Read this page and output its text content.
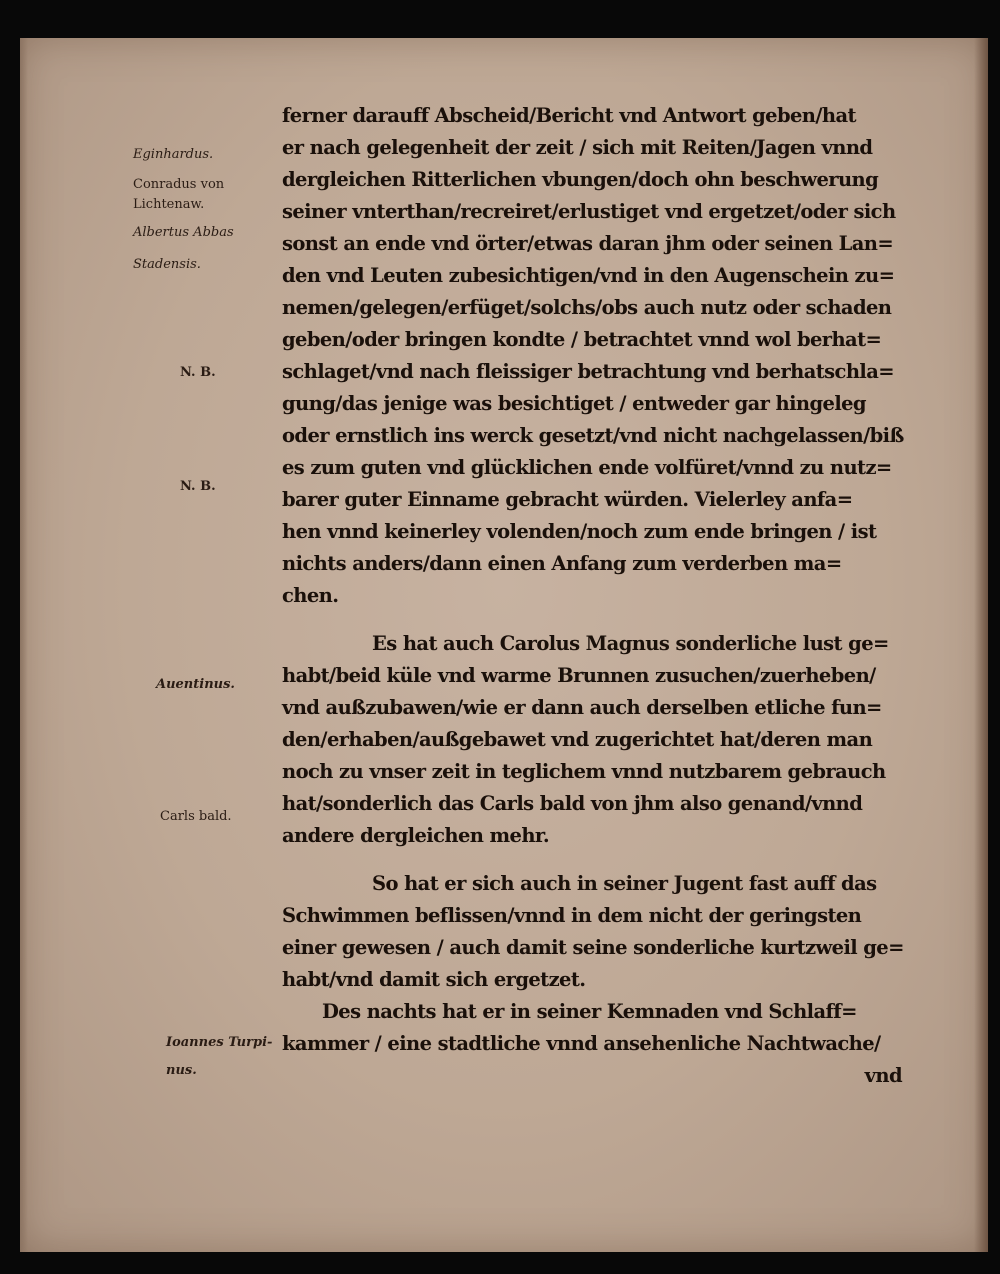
Eginhardus.
Conradus von
Lichtenaw.
Albertus Abbas
Stadensis.
N. B.
N. B.
Auentinus.
Carls bald.
Ioannes Turpi-
nus.
ferner darauff Abscheid/Bericht vnd Antwort geben/hat
er nach gelegenheit der zeit / sich mit Reiten/Jagen vnnd
dergleichen Ritterlichen vbungen/doch ohn beschwerung
seiner vnterthan/recreiret/erlustiget vnd ergetzet/oder sich
sonst an ende vnd örter/etwas daran jhm oder seinen Lan=
den vnd Leuten zubesichtigen/vnd in den Augenschein zu=
nemen/gelegen/erfüget/solchs/obs auch nutz oder schaden
geben/oder bringen kondte / betrachtet vnnd wol berhat=
schlaget/vnd nach fleissiger betrachtung vnd berhatschla=
gung/das jenige was besichtiget / entweder gar hingeleg
oder ernstlich ins werck gesetzt/vnd nicht nachgelassen/biß
es zum guten vnd glücklichen ende volfüret/vnnd zu nutz=
barer guter Einname gebracht würden. Vielerley anfa=
hen vnnd keinerley volenden/noch zum ende bringen / ist
nichts anders/dann einen Anfang zum verderben ma=
chen.
Es hat auch Carolus Magnus sonderliche lust ge=
habt/beid küle vnd warme Brunnen zusuchen/zuerheben/
vnd außzubawen/wie er dann auch derselben etliche fun=
den/erhaben/außgebawet vnd zugerichtet hat/deren man
noch zu vnser zeit in teglichem vnnd nutzbarem gebrauch
hat/sonderlich das Carls bald von jhm also genand/vnnd
andere dergleichen mehr.
So hat er sich auch in seiner Jugent fast auff das
Schwimmen beflissen/vnnd in dem nicht der geringsten
einer gewesen / auch damit seine sonderliche kurtzweil ge=
habt/vnd damit sich ergetzet.
Des nachts hat er in seiner Kemnaden vnd Schlaff=
kammer / eine stadtliche vnnd ansehenliche Nachtwache/
vnd
